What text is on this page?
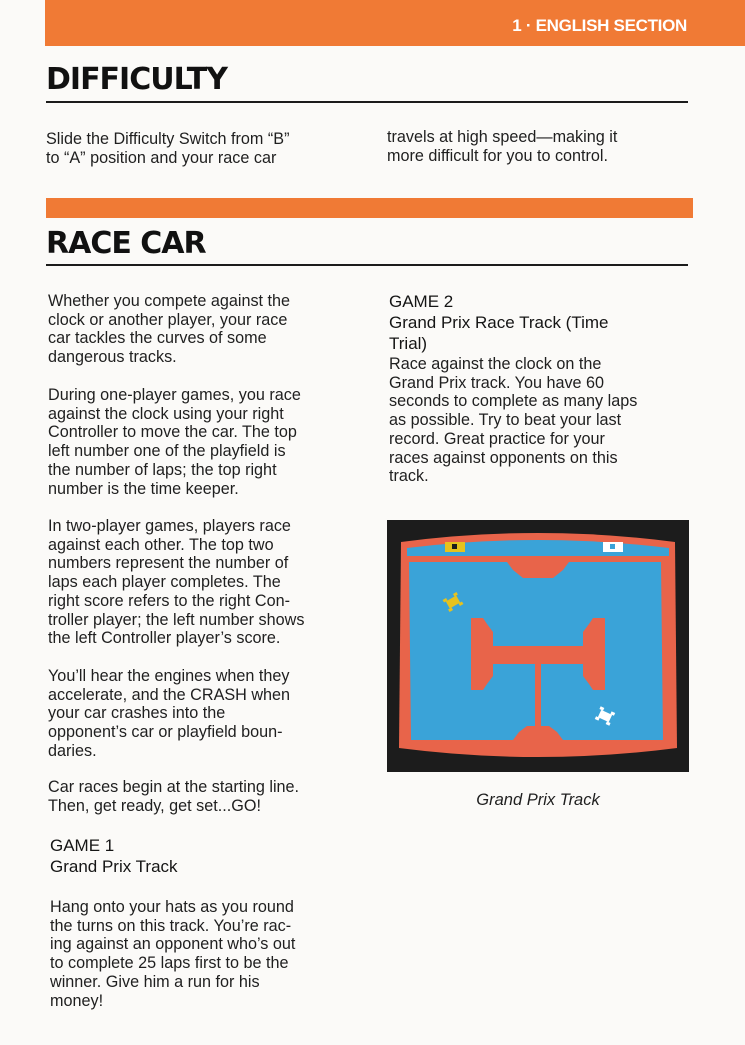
1 · ENGLISH SECTION
DIFFICULTY

Slide the Difficulty Switch from “B”
to “A” position and your race car

travels at high speed—making it
more difficult for you to control.

RACE CAR

Whether you compete against the
clock or another player, your race
car tackles the curves of some
dangerous tracks.

During one-player games, you race
against the clock using your right
Controller to move the car. The top
left number one of the playfield is
the number of laps; the top right
number is the time keeper.

In two-player games, players race
against each other. The top two
numbers represent the number of
laps each player completes. The
right score refers to the right Con-
troller player; the left number shows
the left Controller player’s score.

You’ll hear the engines when they
accelerate, and the CRASH when
your car crashes into the
opponent’s car or playfield boun-
daries.

Car races begin at the starting line.
Then, get ready, get set...GO!

GAME 1
Grand Prix Track

Hang onto your hats as you round
the turns on this track. You’re rac-
ing against an opponent who’s out
to complete 25 laps first to be the
winner. Give him a run for his
money!

GAME 2
Grand Prix Race Track (Time
Trial)

Race against the clock on the
Grand Prix track. You have 60
seconds to complete as many laps
as possible. Try to beat your last
record. Great practice for your
races against opponents on this
track.

Grand Prix Track
